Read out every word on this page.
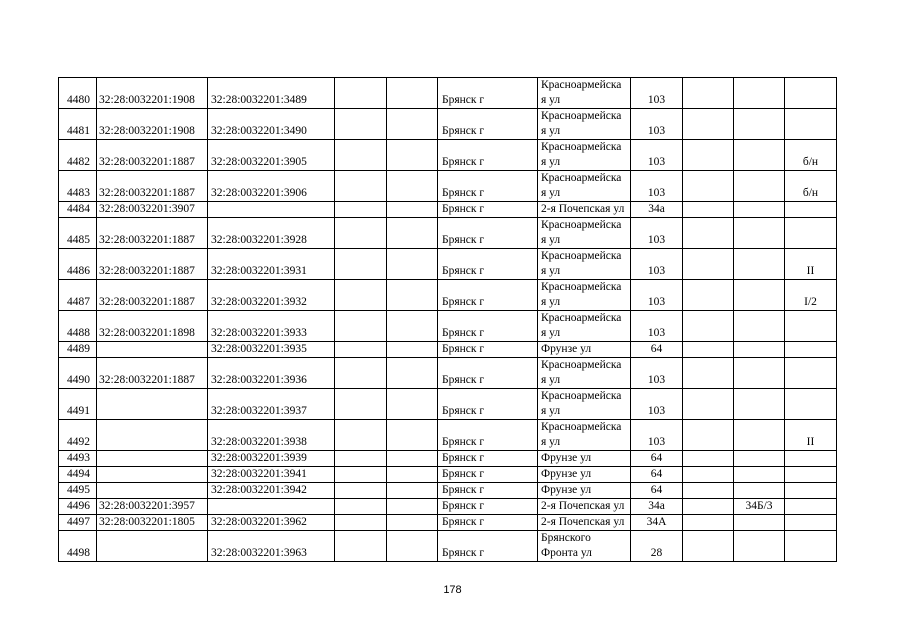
4480	32:28:0032201:1908	32:28:0032201:3489			Брянск г	Красноармейска
я ул	103			
4481	32:28:0032201:1908	32:28:0032201:3490			Брянск г	Красноармейска
я ул	103			
4482	32:28:0032201:1887	32:28:0032201:3905			Брянск г	Красноармейска
я ул	103			б/н
4483	32:28:0032201:1887	32:28:0032201:3906			Брянск г	Красноармейска
я ул	103			б/н
4484	32:28:0032201:3907				Брянск г	2-я Почепская ул	34а			
4485	32:28:0032201:1887	32:28:0032201:3928			Брянск г	Красноармейска
я ул	103			
4486	32:28:0032201:1887	32:28:0032201:3931			Брянск г	Красноармейска
я ул	103			II
4487	32:28:0032201:1887	32:28:0032201:3932			Брянск г	Красноармейска
я ул	103			I/2
4488	32:28:0032201:1898	32:28:0032201:3933			Брянск г	Красноармейска
я ул	103			
4489		32:28:0032201:3935			Брянск г	Фрунзе ул	64			
4490	32:28:0032201:1887	32:28:0032201:3936			Брянск г	Красноармейска
я ул	103			
4491		32:28:0032201:3937			Брянск г	Красноармейска
я ул	103			
4492		32:28:0032201:3938			Брянск г	Красноармейска
я ул	103			II
4493		32:28:0032201:3939			Брянск г	Фрунзе ул	64			
4494		32:28:0032201:3941			Брянск г	Фрунзе ул	64			
4495		32:28:0032201:3942			Брянск г	Фрунзе ул	64			
4496	32:28:0032201:3957				Брянск г	2-я Почепская ул	34а		34Б/3	
4497	32:28:0032201:1805	32:28:0032201:3962			Брянск г	2-я Почепская ул	34А			
4498		32:28:0032201:3963			Брянск г	Брянского
Фронта ул	28			
178
